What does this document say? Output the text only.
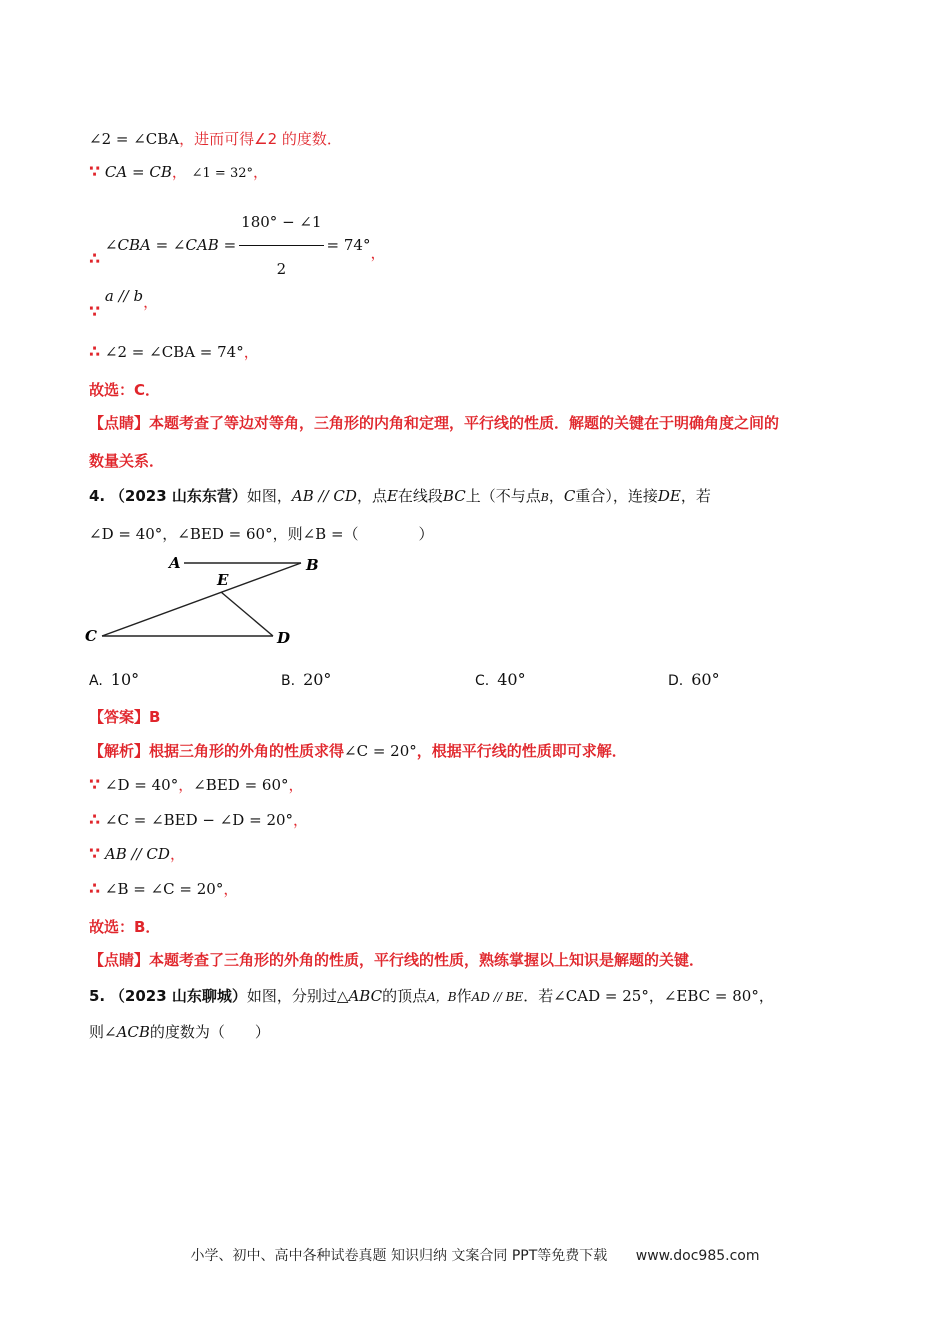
∠2 = ∠CBA，进而可得∠2 的度数．
∵ CA = CB， ∠1 = 32°，
∴ ∠CBA = ∠CAB = $\frac{180^\circ - \angle 1}{2} = 74^\circ$，
∵ a // b，
∴ ∠2 = ∠CBA = 74°，
故选：C．
【点睛】本题考查了等边对等角，三角形的内角和定理，平行线的性质．解题的关键在于明确角度之间的
数量关系．
4. （2023 山东东营）如图，AB // CD，点E在线段BC上（不与点B，C重合），连接DE，若
∠D = 40°，∠BED = 60°，则∠B =（　　　　）
A	B
E
C	D
A. 10°	B. 20°	C. 40°	D. 60°
【答案】B
【解析】根据三角形的外角的性质求得∠C = 20°，根据平行线的性质即可求解．
∵ ∠D = 40°，∠BED = 60°，
∴ ∠C = ∠BED − ∠D = 20°，
∵ AB // CD，
∴ ∠B = ∠C = 20°，
故选：B．
【点睛】本题考查了三角形的外角的性质，平行线的性质，熟练掌握以上知识是解题的关键．
5. （2023 山东聊城）如图，分别过△ABC的顶点A，B作AD // BE．若∠CAD = 25°，∠EBC = 80°，
则∠ACB的度数为（　　）
小学、初中、高中各种试卷真题 知识归纳 文案合同 PPT等免费下载 www.doc985.com
